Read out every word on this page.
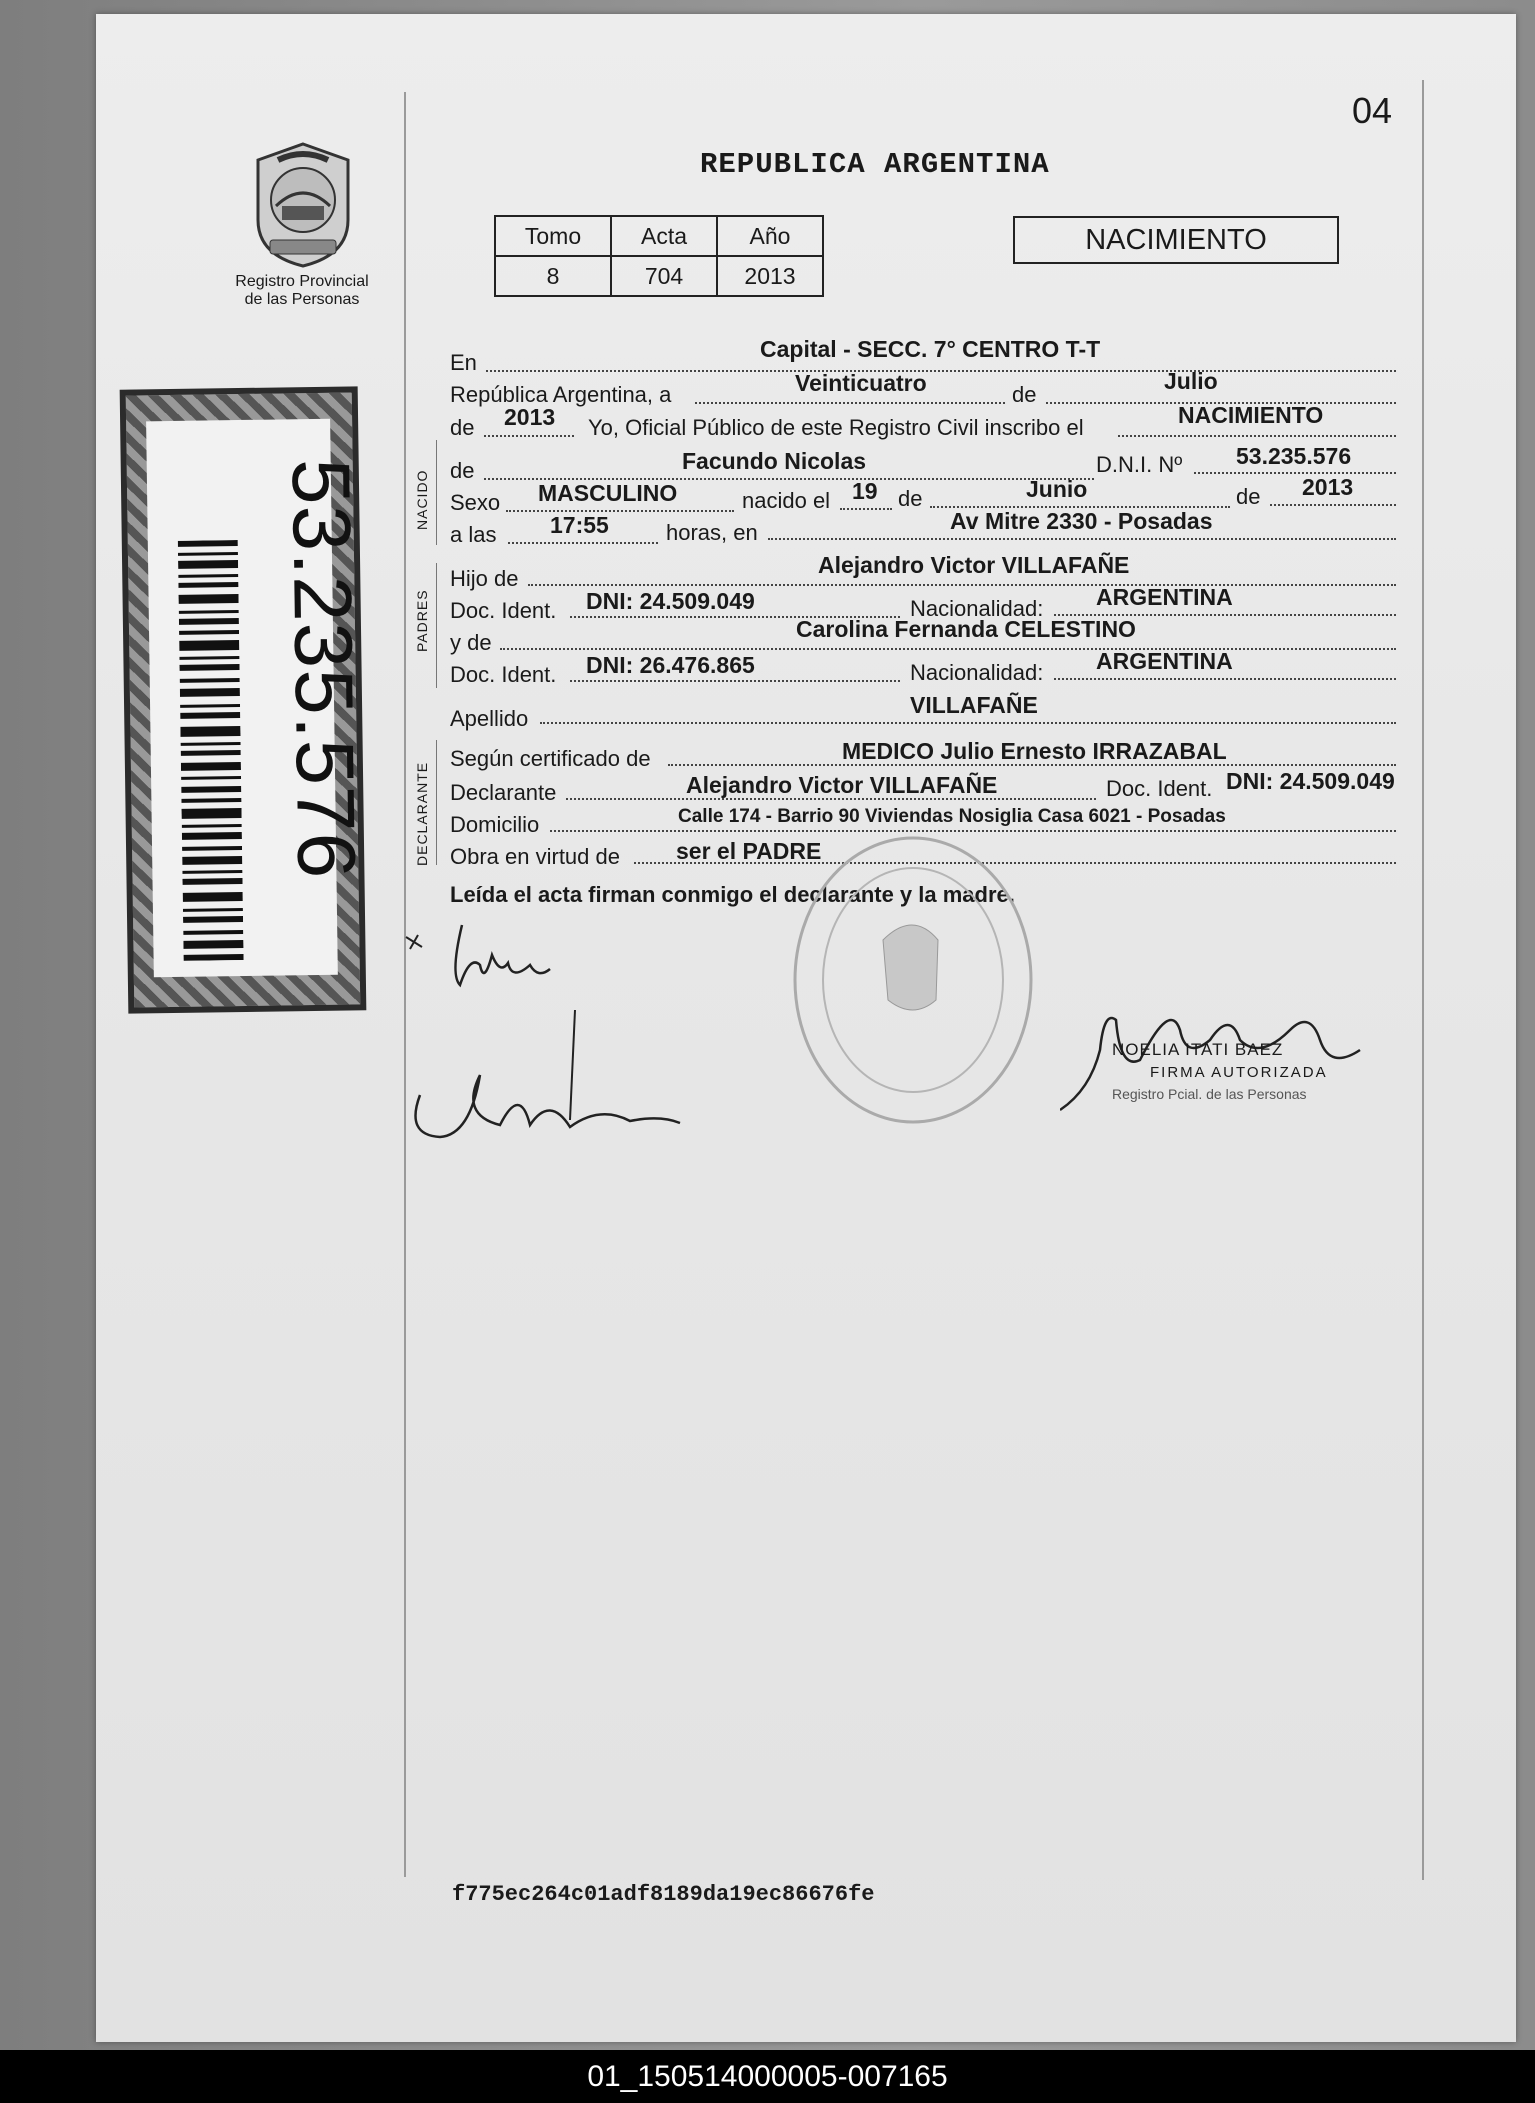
04
REPUBLICA ARGENTINA
Registro Provincial
de las Personas
Tomo	Acta	Año
8	704	2013
NACIMIENTO
53.235.576	NACIDO
PADRES
DECLARANTE
En
Capital - SECC. 7° CENTRO T-T
República Argentina, a	Veinticuatro	de
Julio
de 2013 Yo, Oficial Público de este Registro Civil inscribo el	NACIMIENTO
de	Facundo Nicolas	D.N.I. Nº 53.235.576
Sexo MASCULINO	nacido el 19 de	Junio	de 2013
a las 17:55	horas, en	Av Mitre 2330 - Posadas
Hijo de
Alejandro Victor VILLAFAÑE
Doc. Ident. DNI: 24.509.049	Nacionalidad: ARGENTINA
y de
Carolina Fernanda CELESTINO
Doc. Ident. DNI: 26.476.865	Nacionalidad: ARGENTINA
Apellido
VILLAFAÑE
Según certificado de	MEDICO Julio Ernesto IRRAZABAL
Declarante	Alejandro Victor VILLAFAÑE	Doc. Ident. DNI: 24.509.049
Domicilio	Calle 174 - Barrio 90 Viviendas Nosiglia Casa 6021 - Posadas
Obra en virtud de ser el PADRE
Leída el acta firman conmigo el declarante y la madre.
NOELIA ITATI BAEZ
FIRMA AUTORIZADA
Registro Pcial. de las Personas
f775ec264c01adf8189da19ec86676fe
01_150514000005-007165
